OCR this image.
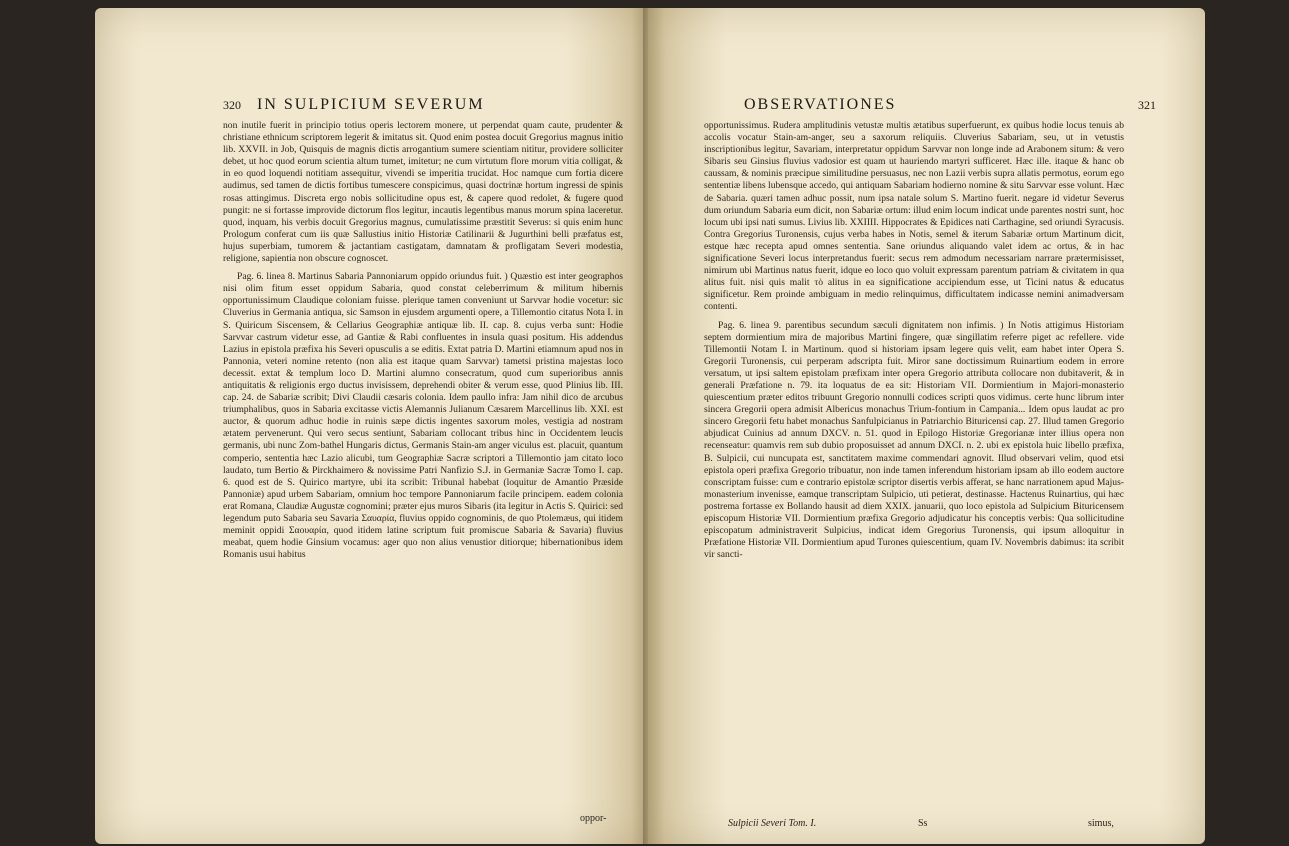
320 IN SULPICIUM SEVERUM

non inutile fuerit in principio totius operis lectorem monere, ut perpendat quam caute, prudenter & christiane ethnicum scriptorem legerit & imitatus sit. Quod enim postea docuit Gregorius magnus initio lib. XXVII. in Job, Quisquis de magnis dictis arrogantium sumere scientiam nititur, providere solliciter debet, ut hoc quod eorum scientia altum tumet, imitetur; ne cum virtutum flore morum vitia colligat, & in eo quod loquendi notitiam assequitur, vivendi se imperitia trucidat. Hoc namque cum fortia dicere audimus, sed tamen de dictis fortibus tumescere conspicimus, quasi doctrinæ hortum ingressi de spinis rosas attingimus. Discreta ergo nobis sollicitudine opus est, & capere quod redolet, & fugere quod pungit: ne si fortasse improvide dictorum flos legitur, incautis legentibus manus morum spina laceretur. quod, inquam, his verbis docuit Gregorius magnus, cumulatissime præstitit Severus: si quis enim hunc Prologum conferat cum iis quæ Sallustius initio Historiæ Catilinarii & Jugurthini belli præfatus est, hujus superbiam, tumorem & jactantiam castigatam, damnatam & profligatam Severi modestia, religione, sapientia non obscure cognoscet.

Pag. 6. linea 8. Martinus Sabaria Pannoniarum oppido oriundus fuit. ) Quæstio est inter geographos nisi olim fitum esset oppidum Sabaria, quod constat celeberrimum & militum hibernis opportunissimum Claudique coloniam fuisse. plerique tamen conveniunt ut Sarvvar hodie vocetur: sic Cluverius in Germania antiqua, sic Samson in ejusdem argumenti opere, a Tillemontio citatus Nota I. in S. Quiricum Siscensem, & Cellarius Geographiæ antiquæ lib. II. cap. 8. cujus verba sunt: Hodie Sarvvar castrum videtur esse, ad Gantiæ & Rabi confluentes in insula quasi positum. His addendus Lazius in epistola præfixa his Severi opusculis a se editis. Extat patria D. Martini etiamnum apud nos in Pannonia, veteri nomine retento (non alia est itaque quam Sarvvar) tametsi pristina majestas loco decessit. extat & templum loco D. Martini alumno consecratum, quod cum superioribus annis antiquitatis & religionis ergo ductus invisissem, deprehendi obiter & verum esse, quod Plinius lib. III. cap. 24. de Sabariæ scribit; Divi Claudii cæsaris colonia. Idem paullo infra: Jam nihil dico de arcubus triumphalibus, quos in Sabaria excitasse victis Alemannis Julianum Cæsarem Marcellinus lib. XXI. est auctor, & quorum adhuc hodie in ruinis sæpe dictis ingentes saxorum moles, vestigia ad nostram ætatem pervenerunt. Qui vero secus sentiunt, Sabariam collocant tribus hinc in Occidentem leucis germanis, ubi nunc Zom-bathel Hungaris dictus, Germanis Stain-am anger viculus est. placuit, quantum comperio, sententia hæc Lazio alicubi, tum Geographiæ Sacræ scriptori a Tillemontio jam citato loco laudato, tum Bertio & Pirckhaimero & novissime Patri Nanfizio S.J. in Germaniæ Sacræ Tomo I. cap. 6. quod est de S. Quirico martyre, ubi ita scribit: Tribunal habebat (loquitur de Amantio Præside Pannoniæ) apud urbem Sabariam, omnium hoc tempore Pannoniarum facile principem. eadem colonia erat Romana, Claudiæ Augustæ cognomini; præter ejus muros Sibaris (ita legitur in Actis S. Quirici: sed legendum puto Sabaria seu Savaria Σαυαρία, fluvius oppido cognominis, de quo Ptolemæus, qui itidem meminit oppidi Σαουαρία, quod itidem latine scriptum fuit promiscue Sabaria & Savaria) fluvius meabat, quem hodie Ginsium vocamus: ager quo non alius venustior ditiorque; hibernationibus idem Romanis usui habitus

oppor-
OBSERVATIONES	321

opportunissimus. Rudera amplitudinis vetustæ multis ætatibus superfuerunt, ex quibus hodie locus tenuis ab accolis vocatur Stain-am-anger, seu a saxorum reliquiis. Cluverius Sabariam, seu, ut in vetustis inscriptionibus legitur, Savariam, interpretatur oppidum Sarvvar non longe inde ad Arabonem situm: & vero Sibaris seu Ginsius fluvius vadosior est quam ut hauriendo martyri sufficeret. Hæc ille. itaque & hanc ob caussam, & nominis præcipue similitudine persuasus, nec non Lazii verbis supra allatis permotus, eorum ego sententiæ libens lubensque accedo, qui antiquam Sabariam hodierno nomine & situ Sarvvar esse volunt. Hæc de Sabaria. quæri tamen adhuc possit, num ipsa natale solum S. Martino fuerit. negare id videtur Severus dum oriundum Sabaria eum dicit, non Sabariæ ortum: illud enim locum indicat unde parentes nostri sunt, hoc locum ubi ipsi nati sumus. Livius lib. XXIIII. Hippocrates & Epidices nati Carthagine, sed oriundi Syracusis. Contra Gregorius Turonensis, cujus verba habes in Notis, semel & iterum Sabariæ ortum Martinum dicit, estque hæc recepta apud omnes sententia. Sane oriundus aliquando valet idem ac ortus, & in hac significatione Severi locus interpretandus fuerit: secus rem admodum necessariam narrare prætermisisset, nimirum ubi Martinus natus fuerit, idque eo loco quo voluit expressam parentum patriam & civitatem in qua alitus fuit. nisi quis malit τὸ alitus in ea significatione accipiendum esse, ut Ticini natus & educatus significetur. Rem proinde ambiguam in medio relinquimus, difficultatem indicasse nemini animadversam contenti.

Pag. 6. linea 9. parentibus secundum sæculi dignitatem non infimis. ) In Notis attigimus Historiam septem dormientium mira de majoribus Martini fingere, quæ singillatim referre piget ac refellere. vide Tillemontii Notam I. in Martinum. quod si historiam ipsam legere quis velit, eam habet inter Opera S. Gregorii Turonensis, cui perperam adscripta fuit. Miror sane doctissimum Ruinartium eodem in errore versatum, ut ipsi saltem epistolam præfixam inter opera Gregorio attributa collocare non dubitaverit, & in generali Præfatione n. 79. ita loquatus de ea sit: Historiam VII. Dormientium in Majori-monasterio quiescentium præter editos tribuunt Gregorio nonnulli codices scripti quos vidimus. certe hunc librum inter sincera Gregorii opera admisit Albericus monachus Trium-fontium in Campania... Idem opus laudat ac pro sincero Gregorii fetu habet monachus Sanfulpicianus in Patriarchio Bituricensi cap. 27. Illud tamen Gregorio abjudicat Cuinius ad annum DXCV. n. 51. quod in Epilogo Historiæ Gregorianæ inter illius opera non recenseatur: quamvis rem sub dubio proposuisset ad annum DXCI. n. 2. ubi ex epistola huic libello præfixa, B. Sulpicii, cui nuncupata est, sanctitatem maxime commendari agnovit. Illud observari velim, quod etsi epistola operi præfixa Gregorio tribuatur, non inde tamen inferendum historiam ipsam ab illo eodem auctore conscriptam fuisse: cum e contrario epistolæ scriptor disertis verbis afferat, se hanc narrationem apud Majus-monasterium invenisse, eamque transcriptam Sulpicio, uti petierat, destinasse. Hactenus Ruinartius, qui hæc postrema fortasse ex Bollando hausit ad diem XXIX. januarii, quo loco epistola ad Sulpicium Bituricensem episcopum Historiæ VII. Dormientium præfixa Gregorio adjudicatur his conceptis verbis: Qua sollicitudine episcopatum administraverit Sulpicius, indicat idem Gregorius Turonensis, qui ipsum alloquitur in Præfatione Historiæ VII. Dormientium apud Turones quiescentium, quam IV. Novembris dabimus: ita scribit vir sancti-

Sulpicii Severi Tom. I.	Ss	simus,
